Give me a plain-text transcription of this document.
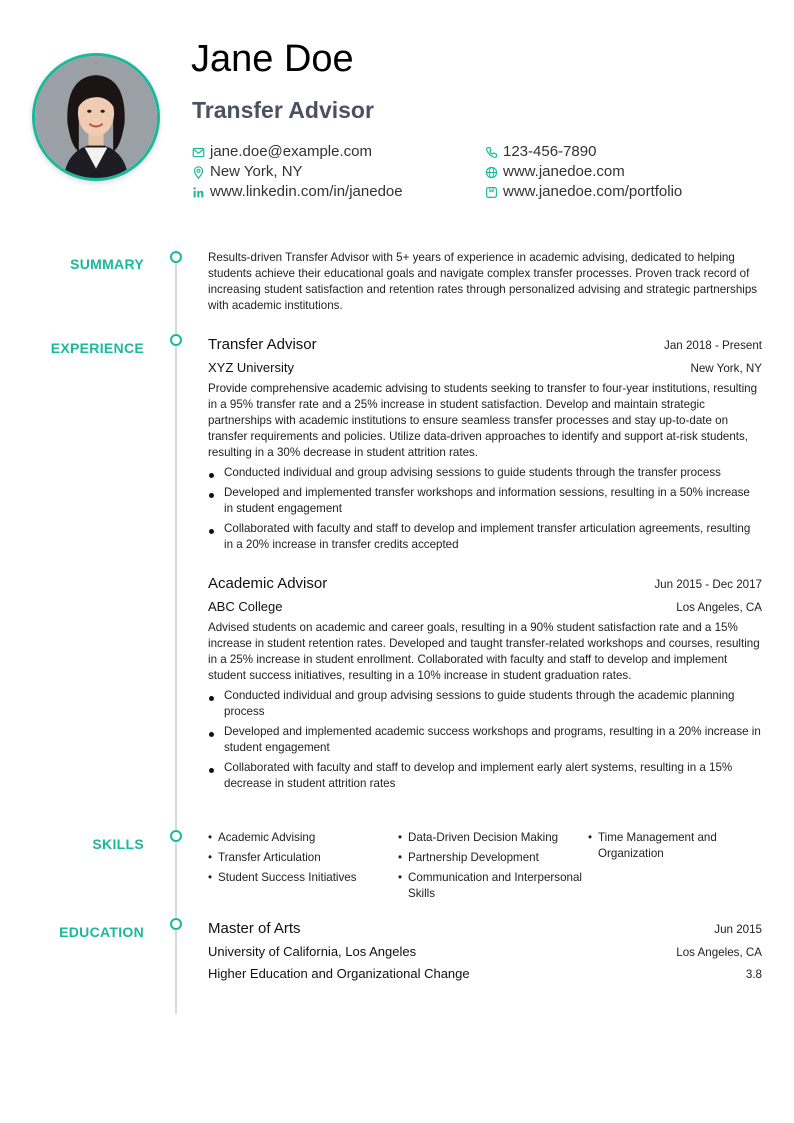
Jane Doe
Transfer Advisor
jane.doe@example.com
New York, NY
www.linkedin.com/in/janedoe
123-456-7890
www.janedoe.com
www.janedoe.com/portfolio
SUMMARY
EXPERIENCE
SKILLS
EDUCATION

Results-driven Transfer Advisor with 5+ years of experience in academic advising, dedicated to helping students achieve their educational goals and navigate complex transfer processes. Proven track record of increasing student satisfaction and retention rates through personalized advising and strategic partnerships with academic institutions.

Transfer Advisor	Jan 2018 - Present
XYZ University	New York, NY

Provide comprehensive academic advising to students seeking to transfer to four-year institutions, resulting in a 95% transfer rate and a 25% increase in student satisfaction. Develop and maintain strategic partnerships with academic institutions to ensure seamless transfer processes and stay up-to-date on transfer requirements and policies. Utilize data-driven approaches to identify and support at-risk students, resulting in a 30% decrease in student attrition rates.

Conducted individual and group advising sessions to guide students through the transfer process
Developed and implemented transfer workshops and information sessions, resulting in a 50% increase in student engagement
Collaborated with faculty and staff to develop and implement transfer articulation agreements, resulting in a 20% increase in transfer credits accepted
Academic Advisor	Jun 2015 - Dec 2017
ABC College	Los Angeles, CA

Advised students on academic and career goals, resulting in a 90% student satisfaction rate and a 15% increase in student retention rates. Developed and taught transfer-related workshops and courses, resulting in a 25% increase in student enrollment. Collaborated with faculty and staff to develop and implement student success initiatives, resulting in a 10% increase in student graduation rates.

Conducted individual and group advising sessions to guide students through the academic planning process
Developed and implemented academic success workshops and programs, resulting in a 20% increase in student engagement
Collaborated with faculty and staff to develop and implement early alert systems, resulting in a 15% decrease in student attrition rates
• Academic Advising
• Transfer Articulation
• Student Success Initiatives
• Data-Driven Decision Making
• Partnership Development
• Communication and Interpersonal Skills
• Time Management and Organization
Master of Arts	Jun 2015
University of California, Los Angeles	Los Angeles, CA
Higher Education and Organizational Change	3.8
